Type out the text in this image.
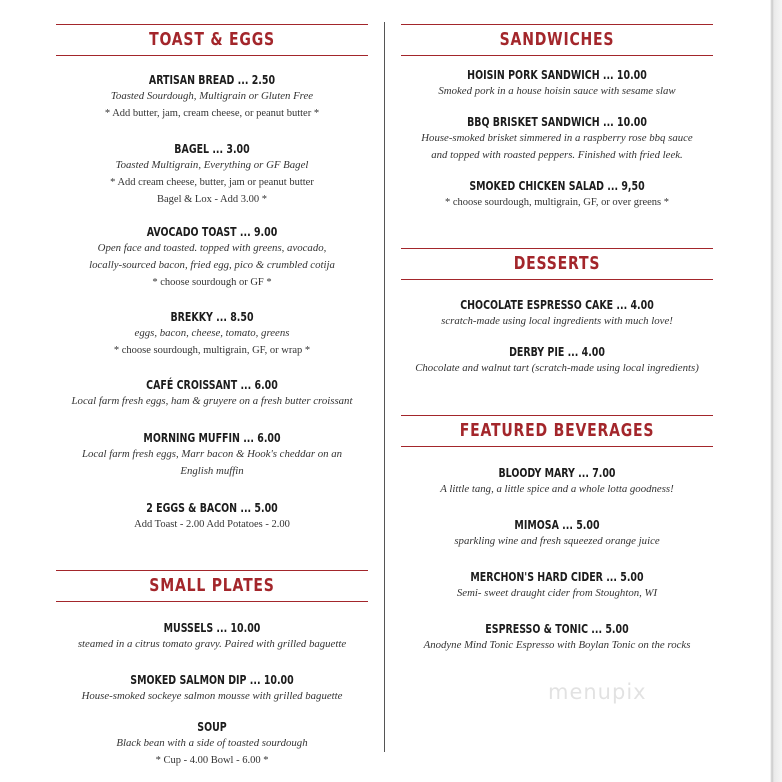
TOAST & EGGS
ARTISAN BREAD ... 2.50
Toasted Sourdough, Multigrain or Gluten Free
* Add butter, jam, cream cheese, or peanut butter *
BAGEL ... 3.00
Toasted Multigrain, Everything or GF Bagel
* Add cream cheese, butter, jam or peanut butter
Bagel & Lox - Add 3.00 *
AVOCADO TOAST ... 9.00
Open face and toasted. topped with greens, avocado,
locally-sourced bacon, fried egg, pico & crumbled cotija
* choose sourdough or GF *
BREKKY ... 8.50
eggs, bacon, cheese, tomato, greens
* choose sourdough, multigrain, GF, or wrap *
CAFÉ CROISSANT ... 6.00
Local farm fresh eggs, ham & gruyere on a fresh butter croissant
MORNING MUFFIN ... 6.00
Local farm fresh eggs, Marr bacon & Hook's cheddar on an
English muffin
2 EGGS & BACON ... 5.00
Add Toast - 2.00 Add Potatoes - 2.00
SMALL PLATES
MUSSELS ... 10.00
steamed in a citrus tomato gravy. Paired with grilled baguette
SMOKED SALMON DIP ... 10.00
House-smoked sockeye salmon mousse with grilled baguette
SOUP
Black bean with a side of toasted sourdough
* Cup - 4.00 Bowl - 6.00 *
SANDWICHES
HOISIN PORK SANDWICH ... 10.00
Smoked pork in a house hoisin sauce with sesame slaw
BBQ BRISKET SANDWICH ... 10.00
House-smoked brisket simmered in a raspberry rose bbq sauce
and topped with roasted peppers. Finished with fried leek.
SMOKED CHICKEN SALAD ... 9,50
* choose sourdough, multigrain, GF, or over greens *
DESSERTS
CHOCOLATE ESPRESSO CAKE ... 4.00
scratch-made using local ingredients with much love!
DERBY PIE ... 4.00
Chocolate and walnut tart (scratch-made using local ingredients)
FEATURED BEVERAGES
BLOODY MARY ... 7.00
A little tang, a little spice and a whole lotta goodness!
MIMOSA ... 5.00
sparkling wine and fresh squeezed orange juice
MERCHON'S HARD CIDER ... 5.00
Semi- sweet draught cider from Stoughton, WI
ESPRESSO & TONIC ... 5.00
Anodyne Mind Tonic Espresso with Boylan Tonic on the rocks
menupix
